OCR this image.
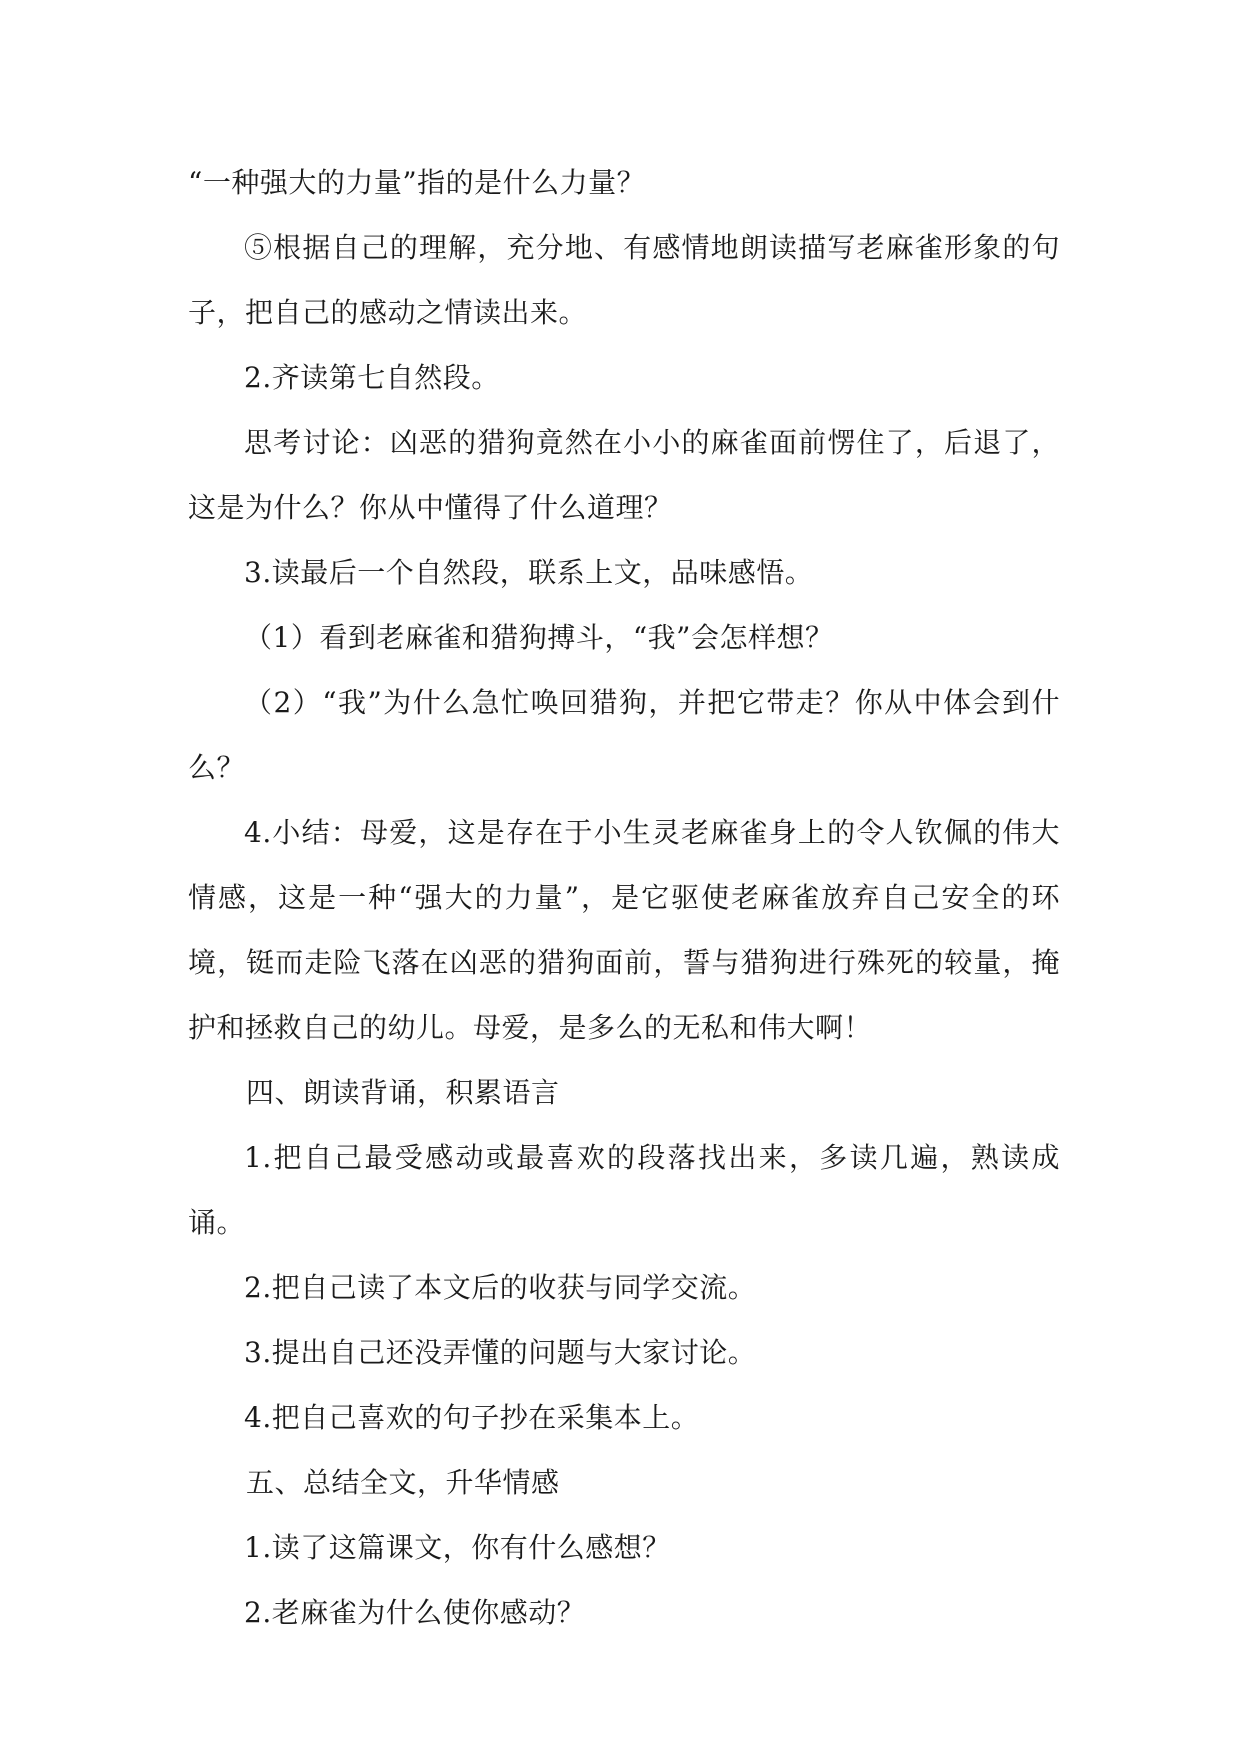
“一种强大的力量”指的是什么力量？

⑤根据自己的理解，充分地、有感情地朗读描写老麻雀形象的句子，把自己的感动之情读出来。

2.齐读第七自然段。

思考讨论：凶恶的猎狗竟然在小小的麻雀面前愣住了，后退了，这是为什么？你从中懂得了什么道理？

3.读最后一个自然段，联系上文，品味感悟。

（1）看到老麻雀和猎狗搏斗，“我”会怎样想？

（2）“我”为什么急忙唤回猎狗，并把它带走？你从中体会到什么？

4.小结：母爱，这是存在于小生灵老麻雀身上的令人钦佩的伟大情感，这是一种“强大的力量”，是它驱使老麻雀放弃自己安全的环境，铤而走险飞落在凶恶的猎狗面前，誓与猎狗进行殊死的较量，掩护和拯救自己的幼儿。母爱，是多么的无私和伟大啊！

四、朗读背诵，积累语言

1.把自己最受感动或最喜欢的段落找出来，多读几遍，熟读成诵。

2.把自己读了本文后的收获与同学交流。

3.提出自己还没弄懂的问题与大家讨论。

4.把自己喜欢的句子抄在采集本上。

五、总结全文，升华情感

1.读了这篇课文，你有什么感想？

2.老麻雀为什么使你感动？
